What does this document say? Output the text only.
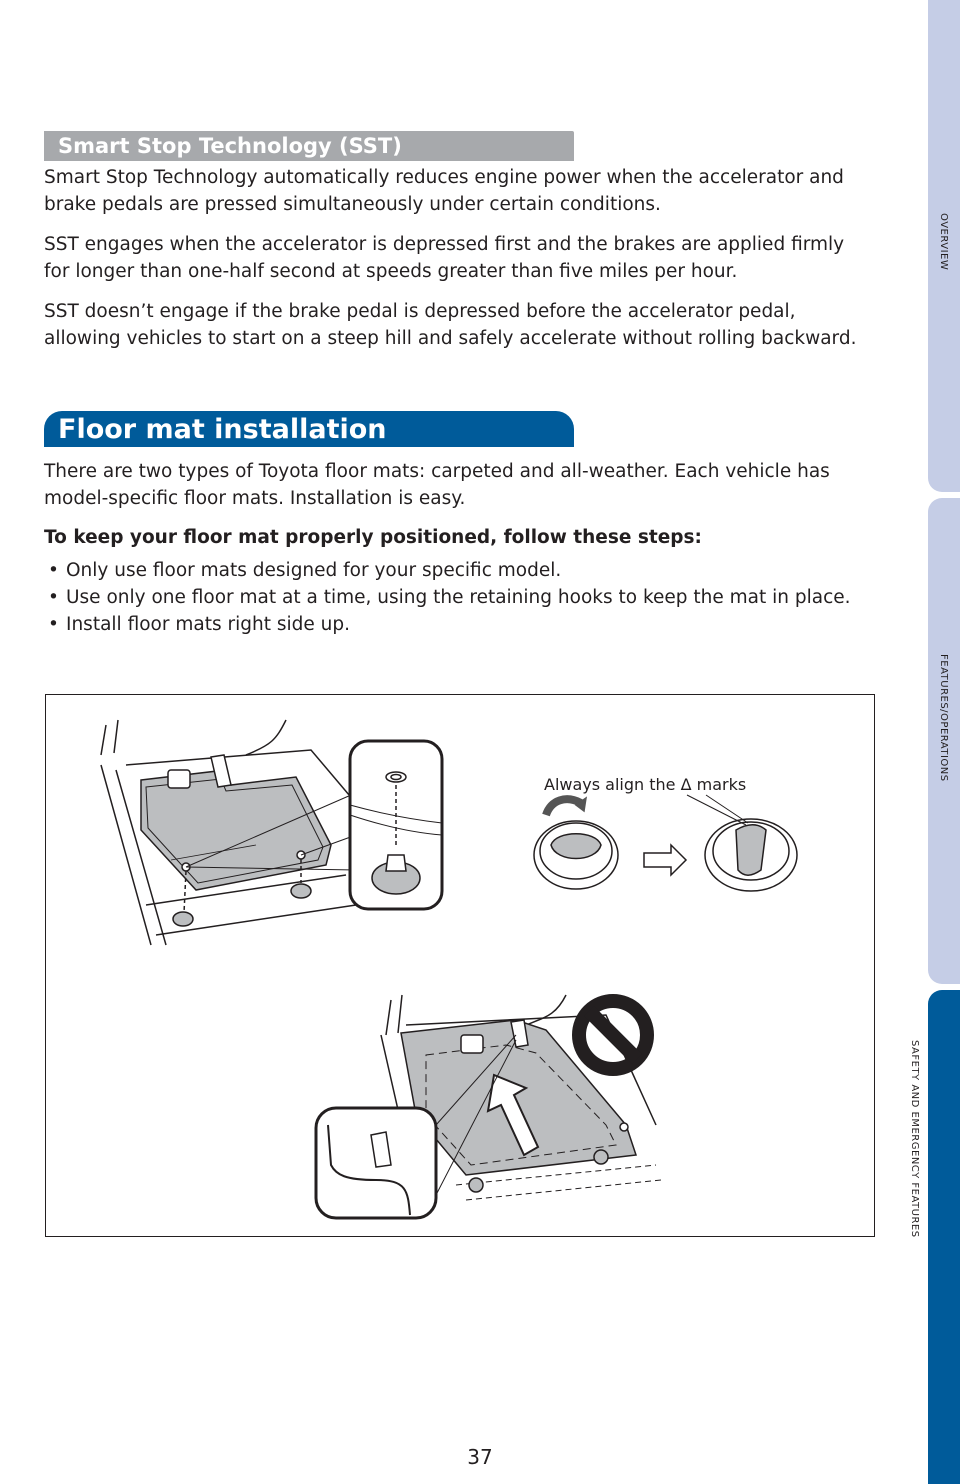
Smart Stop Technology (SST)

Smart Stop Technology automatically reduces engine power when the accelerator and brake pedals are pressed simultaneously under certain conditions.

SST engages when the accelerator is depressed first and the brakes are applied firmly for longer than one-half second at speeds greater than five miles per hour.

SST doesn’t engage if the brake pedal is depressed before the accelerator pedal, allowing vehicles to start on a steep hill and safely accelerate without rolling backward.

Floor mat installation

There are two types of Toyota floor mats: carpeted and all-weather. Each vehicle has model-specific floor mats. Installation is easy.

To keep your floor mat properly positioned, follow these steps:

• Only use floor mats designed for your specific model.
• Use only one floor mat at a time, using the retaining hooks to keep the mat in place.
• Install floor mats right side up.
Always align the Δ marks
OVERVIEW
FEATURES/OPERATIONS
SAFETY AND EMERGENCY FEATURES
37
